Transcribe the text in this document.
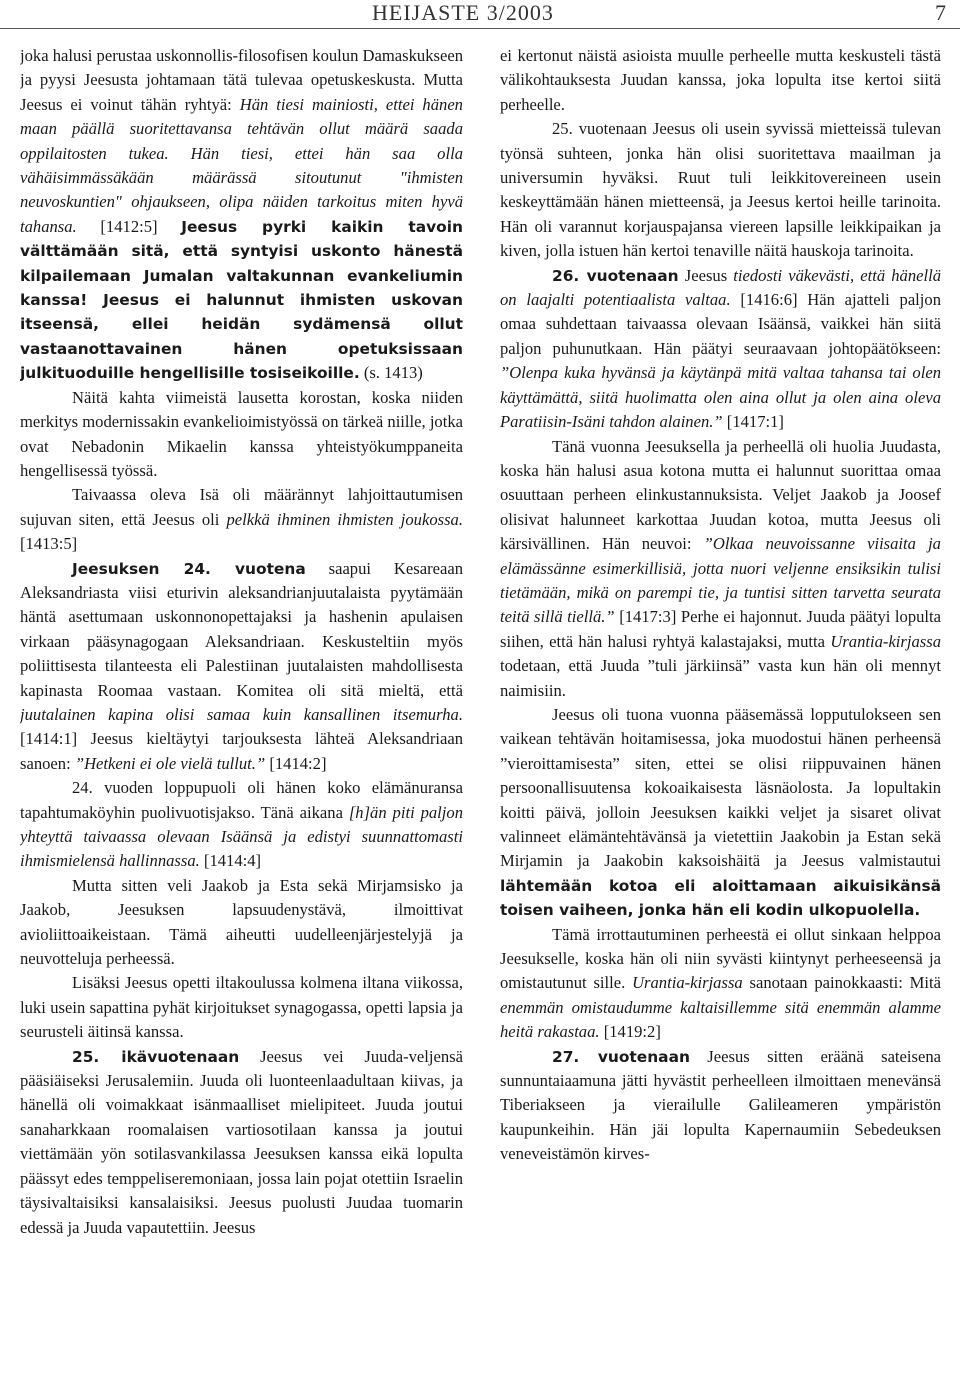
HEIJASTE 3/2003	7

joka halusi perustaa uskonnollis-filosofisen koulun Damaskukseen ja pyysi Jeesusta johtamaan tätä tulevaa opetuskeskusta. Mutta Jeesus ei voinut tähän ryhtyä: Hän tiesi mainiosti, ettei hänen maan päällä suoritettavansa tehtävän ollut määrä saada oppilaitosten tukea. Hän tiesi, ettei hän saa olla vähäisimmässäkään määrässä sitoutunut "ihmisten neuvoskuntien" ohjaukseen, olipa näiden tarkoitus miten hyvä tahansa. [1412:5] Jeesus pyrki kaikin tavoin välttämään sitä, että syntyisi uskonto hänestä kilpailemaan Jumalan valtakunnan evankeliumin kanssa! Jeesus ei halunnut ihmisten uskovan itseensä, ellei heidän sydämensä ollut vastaanottavainen hänen opetuksissaan julkituoduille hengellisille tosiseikoille. (s. 1413)

Näitä kahta viimeistä lausetta korostan, koska niiden merkitys modernissakin evankelioimistyössä on tärkeä niille, jotka ovat Nebadonin Mikaelin kanssa yhteistyökumppaneita hengellisessä työssä.

Taivaassa oleva Isä oli määrännyt lahjoittautumisen sujuvan siten, että Jeesus oli pelkkä ihminen ihmisten joukossa. [1413:5]

Jeesuksen 24. vuotena saapui Kesareaan Aleksandriasta viisi eturivin aleksandrianjuutalaista pyytämään häntä asettumaan uskonnonopettajaksi ja hashenin apulaisen virkaan pääsynagogaan Aleksandriaan. Keskusteltiin myös poliittisesta tilanteesta eli Palestiinan juutalaisten mahdollisesta kapinasta Roomaa vastaan. Komitea oli sitä mieltä, että juutalainen kapina olisi samaa kuin kansallinen itsemurha. [1414:1] Jeesus kieltäytyi tarjouksesta lähteä Aleksandriaan sanoen: ”Hetkeni ei ole vielä tullut.” [1414:2]

24. vuoden loppupuoli oli hänen koko elämänuransa tapahtumaköyhin puolivuotisjakso. Tänä aikana [h]än piti paljon yhteyttä taivaassa olevaan Isäänsä ja edistyi suunnattomasti ihmismielensä hallinnassa. [1414:4]

Mutta sitten veli Jaakob ja Esta sekä Mirjamsisko ja Jaakob, Jeesuksen lapsuudenystävä, ilmoittivat avioliittoaikeistaan. Tämä aiheutti uudelleenjärjestelyjä ja neuvotteluja perheessä.

Lisäksi Jeesus opetti iltakoulussa kolmena iltana viikossa, luki usein sapattina pyhät kirjoitukset synagogassa, opetti lapsia ja seurusteli äitinsä kanssa.

25. ikävuotenaan Jeesus vei Juuda-veljensä pääsiäiseksi Jerusalemiin. Juuda oli luonteenlaadultaan kiivas, ja hänellä oli voimakkaat isänmaalliset mielipiteet. Juuda joutui sanaharkkaan roomalaisen vartiosotilaan kanssa ja joutui viettämään yön sotilasvankilassa Jeesuksen kanssa eikä lopulta päässyt edes temppeliseremoniaan, jossa lain pojat otettiin Israelin täysivaltaisiksi kansalaisiksi. Jeesus puolusti Juudaa tuomarin edessä ja Juuda vapautettiin. Jeesus

ei kertonut näistä asioista muulle perheelle mutta keskusteli tästä välikohtauksesta Juudan kanssa, joka lopulta itse kertoi siitä perheelle.

25. vuotenaan Jeesus oli usein syvissä mietteissä tulevan työnsä suhteen, jonka hän olisi suoritettava maailman ja universumin hyväksi. Ruut tuli leikkitovereineen usein keskeyttämään hänen mietteensä, ja Jeesus kertoi heille tarinoita. Hän oli varannut korjauspajansa viereen lapsille leikkipaikan ja kiven, jolla istuen hän kertoi tenaville näitä hauskoja tarinoita.

26. vuotenaan Jeesus tiedosti väkevästi, että hänellä on laajalti potentiaalista valtaa. [1416:6] Hän ajatteli paljon omaa suhdettaan taivaassa olevaan Isäänsä, vaikkei hän siitä paljon puhunutkaan. Hän päätyi seuraavaan johtopäätökseen: ”Olenpa kuka hyvänsä ja käytänpä mitä valtaa tahansa tai olen käyttämättä, siitä huolimatta olen aina ollut ja olen aina oleva Paratiisin-Isäni tahdon alainen.” [1417:1]

Tänä vuonna Jeesuksella ja perheellä oli huolia Juudasta, koska hän halusi asua kotona mutta ei halunnut suorittaa omaa osuuttaan perheen elinkustannuksista. Veljet Jaakob ja Joosef olisivat halunneet karkottaa Juudan kotoa, mutta Jeesus oli kärsivällinen. Hän neuvoi: ”Olkaa neuvoissanne viisaita ja elämässänne esimerkillisiä, jotta nuori veljenne ensiksikin tulisi tietämään, mikä on parempi tie, ja tuntisi sitten tarvetta seurata teitä sillä tiellä.” [1417:3] Perhe ei hajonnut. Juuda päätyi lopulta siihen, että hän halusi ryhtyä kalastajaksi, mutta Urantia-kirjassa todetaan, että Juuda ”tuli järkiinsä” vasta kun hän oli mennyt naimisiin.

Jeesus oli tuona vuonna pääsemässä lopputulokseen sen vaikean tehtävän hoitamisessa, joka muodostui hänen perheensä ”vieroittamisesta” siten, ettei se olisi riippuvainen hänen persoonallisuutensa kokoaikaisesta läsnäolosta. Ja lopultakin koitti päivä, jolloin Jeesuksen kaikki veljet ja sisaret olivat valinneet elämäntehtävänsä ja vietettiin Jaakobin ja Estan sekä Mirjamin ja Jaakobin kaksoishäitä ja Jeesus valmistautui lähtemään kotoa eli aloittamaan aikuisikänsä toisen vaiheen, jonka hän eli kodin ulkopuolella.

Tämä irrottautuminen perheestä ei ollut sinkaan helppoa Jeesukselle, koska hän oli niin syvästi kiintynyt perheeseensä ja omistautunut sille. Urantia-kirjassa sanotaan painokkaasti: Mitä enemmän omistaudumme kaltaisillemme sitä enemmän alamme heitä rakastaa. [1419:2]

27. vuotenaan Jeesus sitten eräänä sateisena sunnuntaiaamuna jätti hyvästit perheelleen ilmoittaen menevänsä Tiberiakseen ja vierailulle Galileameren ympäristön kaupunkeihin. Hän jäi lopulta Kapernaumiin Sebedeuksen veneveistämön kirves-
